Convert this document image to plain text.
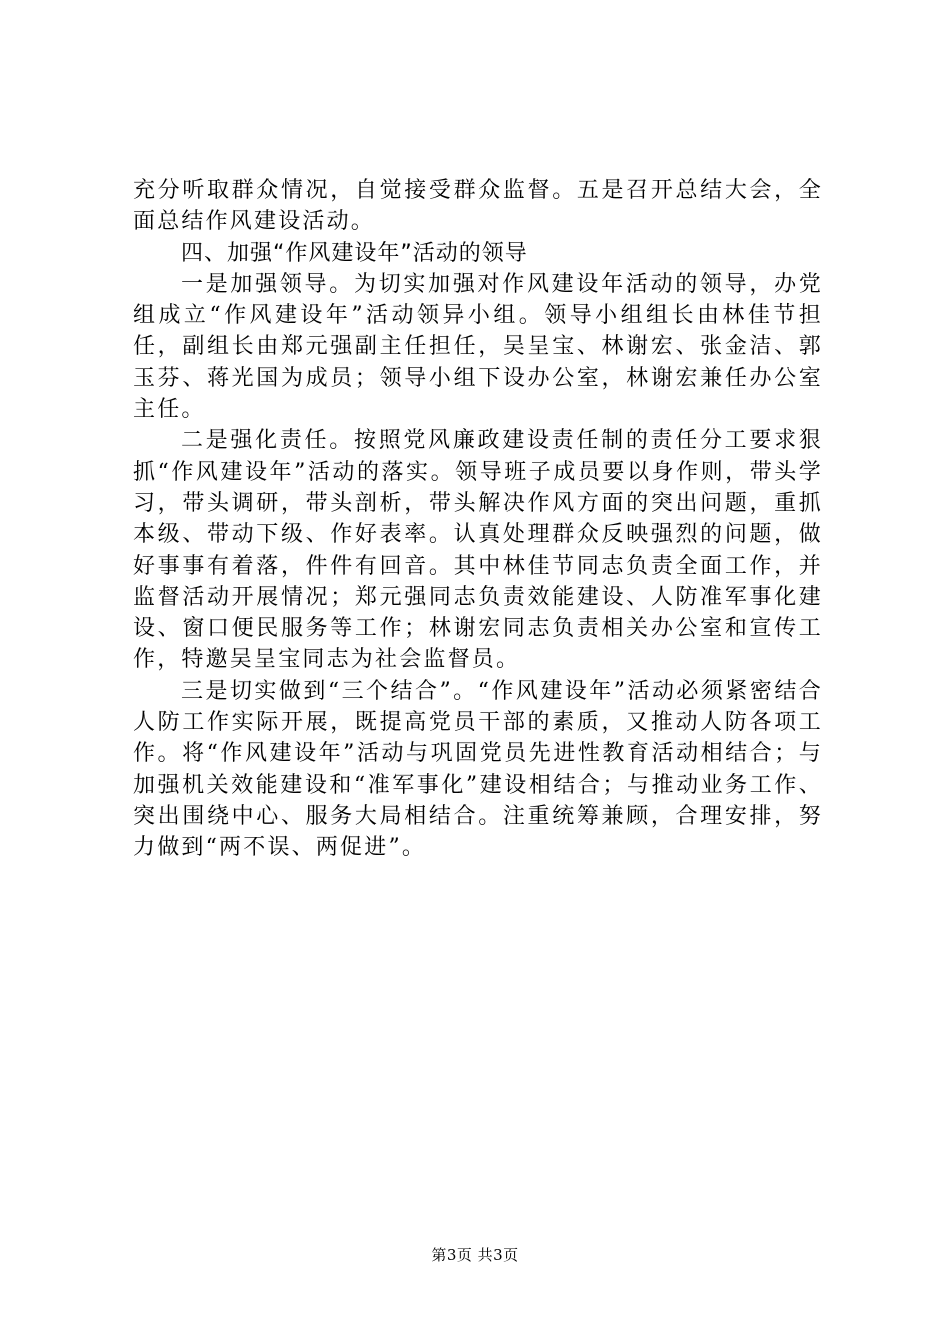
充分听取群众情况，自觉接受群众监督。五是召开总结大会，全面总结作风建设活动。

四、加强“作风建设年”活动的领导

一是加强领导。为切实加强对作风建设年活动的领导，办党组成立“作风建设年”活动领异小组。领导小组组长由林佳节担任，副组长由郑元强副主任担任，吴呈宝、林谢宏、张金洁、郭玉芬、蒋光国为成员；领导小组下设办公室，林谢宏兼任办公室主任。

二是强化责任。按照党风廉政建设责任制的责任分工要求狠抓“作风建设年”活动的落实。领导班子成员要以身作则，带头学习，带头调研，带头剖析，带头解决作风方面的突出问题，重抓本级、带动下级、作好表率。认真处理群众反映强烈的问题，做好事事有着落，件件有回音。其中林佳节同志负责全面工作，并监督活动开展情况；郑元强同志负责效能建设、人防准军事化建设、窗口便民服务等工作；林谢宏同志负责相关办公室和宣传工作，特邀吴呈宝同志为社会监督员。

三是切实做到“三个结合”。“作风建设年”活动必须紧密结合人防工作实际开展，既提高党员干部的素质，又推动人防各项工作。将“作风建设年”活动与巩固党员先进性教育活动相结合；与加强机关效能建设和“准军事化”建设相结合；与推动业务工作、突出围绕中心、服务大局相结合。注重统筹兼顾，合理安排，努力做到“两不误、两促进”。

第3页 共3页
